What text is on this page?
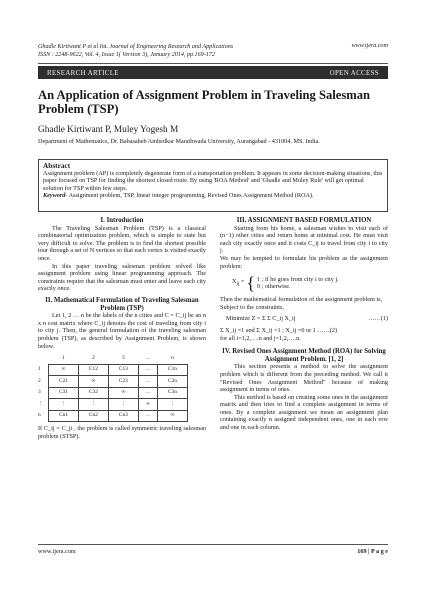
Ghadle Kirtiwant P et al Int. Journal of Engineering Research and Applications
ISSN : 2248-9622, Vol. 4, Issue 1( Version 3), January 2014, pp.169-172
www.ijera.com
RESEARCH ARTICLE	OPEN ACCESS
An Application of Assignment Problem in Traveling Salesman Problem (TSP)
Ghadle Kirtiwant P, Muley Yogesh M
Department of Mathematics, Dr. Babasaheb Ambedkar Marathwada University, Aurangabad - 431004. MS. India.
Abstract
Assignment problem (AP) is completely degenerate form of a transportation problem. It appears in some decision-making situations, this paper focused on TSP for finding the shortest closed route. By using 'ROA Method' and 'Ghadle and Muley Rule' will get optimal solution for TSP within few steps.
Keyword- Assignment problem, TSP, linear integer programming, Revised Ones Assignment Method (ROA).
I. Introduction
The Traveling Salesman Problem (TSP) is a classical combinatorial optimization problem, which is simple to state but very difficult to solve. The problem is to find the shortest possible tour through a set of N vertices so that each vertex is visited exactly once.
In this paper traveling salesman problem solved like assignment problem using linear programming approach. The constraints require that the salesman must enter and leave each city exactly once.
II. Mathematical Formulation of Traveling Salesman Problem (TSP)
Let 1, 2 … n be the labels of the n cities and C = C_ij be an n x n cost matrix where C_ij denotes the cost of traveling from city i to city j. Then, the general formulation of the traveling salesman problem (TSP), as described by Assignment Problem, is shown below.
	1	2	3	…	n
1	∞	C12	C13	…	C1n
2	C21	∞	C23	…	C2n
3	C31	C32	∞	…	C3n
⋮	⋮	⋮	⋮	∞	⋮
n	Cn1	Cn2	Cn3	…	∞
If C_ij = C_ji , the problem is called symmetric traveling salesman problem (STSP).
III. ASSIGNMENT BASED FORMULATION
Starting from his home, a salesman wishes to visit each of (n−1) other cities and return home at minimal cost. He must visit each city exactly once and it costs C_ij to travel from city i to city j.
We may be tempted to formulate his problem as the assignment problem:
$X_{ij}$ = { 1 ; if he goes from city i to city j.
0 ; otherwise.
Then the mathematical formulation of the assignment problem is,
Subject to the constraints,
Minimize Z = Σ Σ C_ij X_ij	……(1)
Σ X_ij =1 and Σ X_ij =1 ; X_ij =0 or 1 ……(2)
for all i=1,2,….n and j=1,2,….n.
IV. Revised Ones Assignment Method (ROA) for Solving Assignment Problem. [1, 2]
This section presents a method to solve the assignment problem which is different from the preceding method. We call it "Revised Ones Assignment Method" because of making assignment in terms of ones.
This method is based on creating some ones in the assignment matrix and then tries to find a complete assignment in terms of ones. By a complete assignment we mean an assignment plan containing exactly n assigned independent ones, one in each row and one in each column.
www.ijera.com	169 | P a g e
